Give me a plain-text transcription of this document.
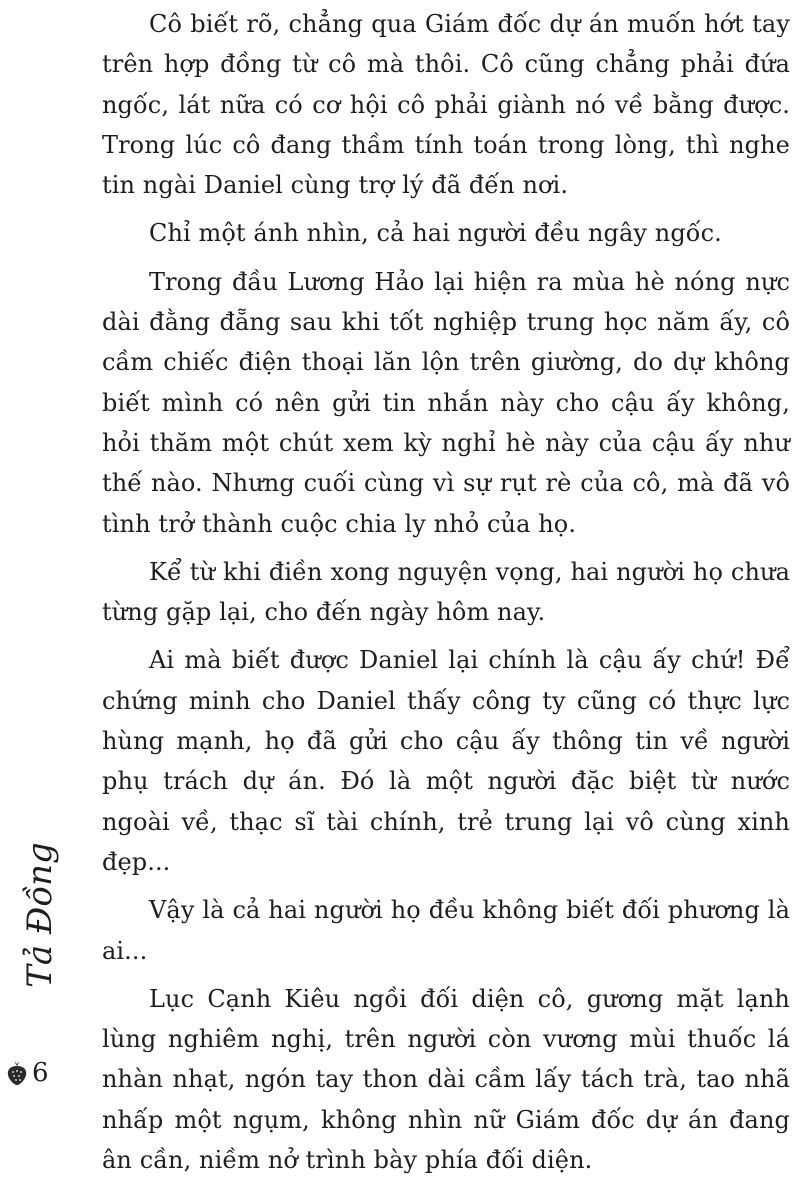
Cô biết rõ, chẳng qua Giám đốc dự án muốn hớt tay trên hợp đồng từ cô mà thôi. Cô cũng chẳng phải đứa ngốc, lát nữa có cơ hội cô phải giành nó về bằng được. Trong lúc cô đang thầm tính toán trong lòng, thì nghe tin ngài Daniel cùng trợ lý đã đến nơi.

Chỉ một ánh nhìn, cả hai người đều ngây ngốc.

Trong đầu Lương Hảo lại hiện ra mùa hè nóng nực dài đằng đẵng sau khi tốt nghiệp trung học năm ấy, cô cầm chiếc điện thoại lăn lộn trên giường, do dự không biết mình có nên gửi tin nhắn này cho cậu ấy không, hỏi thăm một chút xem kỳ nghỉ hè này của cậu ấy như thế nào. Nhưng cuối cùng vì sự rụt rè của cô, mà đã vô tình trở thành cuộc chia ly nhỏ của họ.

Kể từ khi điền xong nguyện vọng, hai người họ chưa từng gặp lại, cho đến ngày hôm nay.

Ai mà biết được Daniel lại chính là cậu ấy chứ! Để chứng minh cho Daniel thấy công ty cũng có thực lực hùng mạnh, họ đã gửi cho cậu ấy thông tin về người phụ trách dự án. Đó là một người đặc biệt từ nước ngoài về, thạc sĩ tài chính, trẻ trung lại vô cùng xinh đẹp...

Vậy là cả hai người họ đều không biết đối phương là ai...

Lục Cạnh Kiêu ngồi đối diện cô, gương mặt lạnh lùng nghiêm nghị, trên người còn vương mùi thuốc lá nhàn nhạt, ngón tay thon dài cầm lấy tách trà, tao nhã nhấp một ngụm, không nhìn nữ Giám đốc dự án đang ân cần, niềm nở trình bày phía đối diện.

Tả Đồng
6
